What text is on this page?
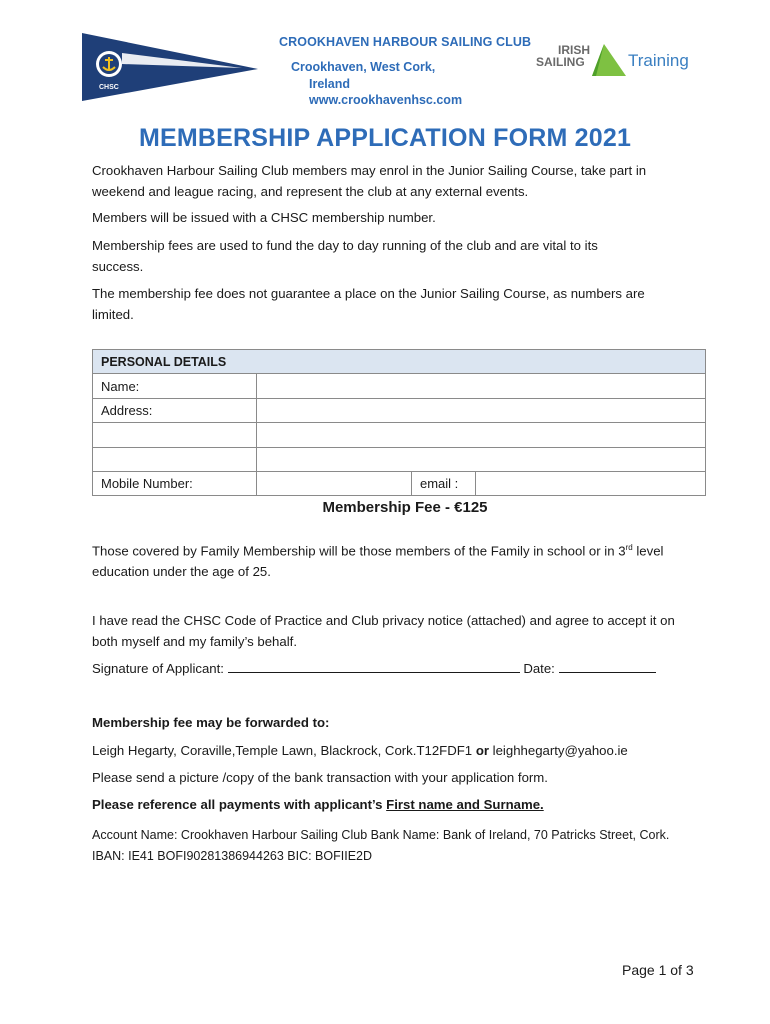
CHSC
CROOKHAVEN HARBOUR SAILING CLUB
Crookhaven, West Cork,
Ireland
www.crookhavenhsc.com
IRISH
SAILING	Training
MEMBERSHIP APPLICATION FORM 2021
Crookhaven Harbour Sailing Club members may enrol in the Junior Sailing Course, take part in weekend and league racing, and represent the club at any external events.
Members will be issued with a CHSC membership number.
Membership fees are used to fund the day to day running of the club and are vital to its success.
The membership fee does not guarantee a place on the Junior Sailing Course, as numbers are limited.
PERSONAL DETAILS			
Name:			
Address:			

Mobile Number:		email :	
Membership Fee - €125
Those covered by Family Membership will be those members of the Family in school or in 3rd level education under the age of 25.
I have read the CHSC Code of Practice and Club privacy notice (attached) and agree to accept it on both myself and my family’s behalf.
Signature of Applicant:	Date:
Membership fee may be forwarded to:
Leigh Hegarty, Coraville,Temple Lawn, Blackrock, Cork.T12FDF1 or leighhegarty@yahoo.ie
Please send a picture /copy of the bank transaction with your application form.
Please reference all payments with applicant’s First name and Surname.
Account Name: Crookhaven Harbour Sailing Club Bank Name: Bank of Ireland, 70 Patricks Street, Cork. IBAN: IE41 BOFI90281386944263 BIC: BOFIIE2D
Page 1 of 3
